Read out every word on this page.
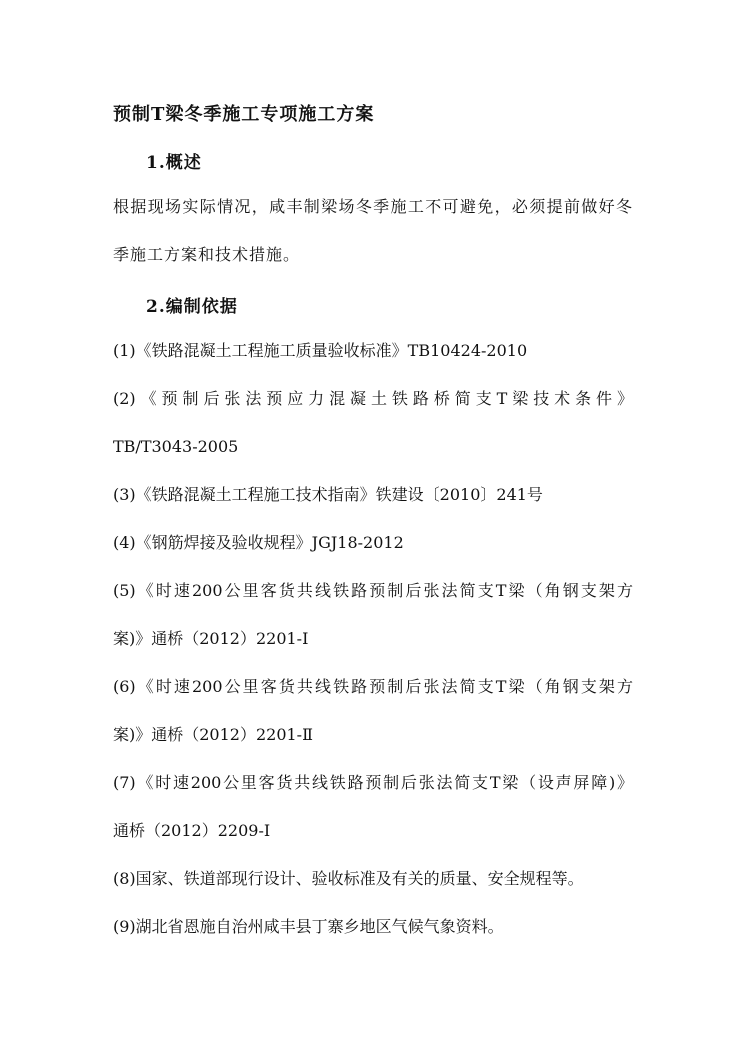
预制T梁冬季施工专项施工方案
1.概述
根据现场实际情况，咸丰制梁场冬季施工不可避免，必须提前做好冬
季施工方案和技术措施。
2.编制依据
(1)《铁路混凝土工程施工质量验收标准》TB10424-2010
(2)《预制后张法预应力混凝土铁路桥简支T梁技术条件》
TB/T3043-2005
(3)《铁路混凝土工程施工技术指南》铁建设〔2010〕241号
(4)《钢筋焊接及验收规程》JGJ18-2012
(5)《时速200公里客货共线铁路预制后张法简支T梁（角钢支架方
案)》通桥（2012）2201-Ⅰ
(6)《时速200公里客货共线铁路预制后张法简支T梁（角钢支架方
案)》通桥（2012）2201-Ⅱ
(7)《时速200公里客货共线铁路预制后张法简支T梁（设声屏障)》
通桥（2012）2209-Ⅰ
(8)国家、铁道部现行设计、验收标准及有关的质量、安全规程等。
(9)湖北省恩施自治州咸丰县丁寨乡地区气候气象资料。
